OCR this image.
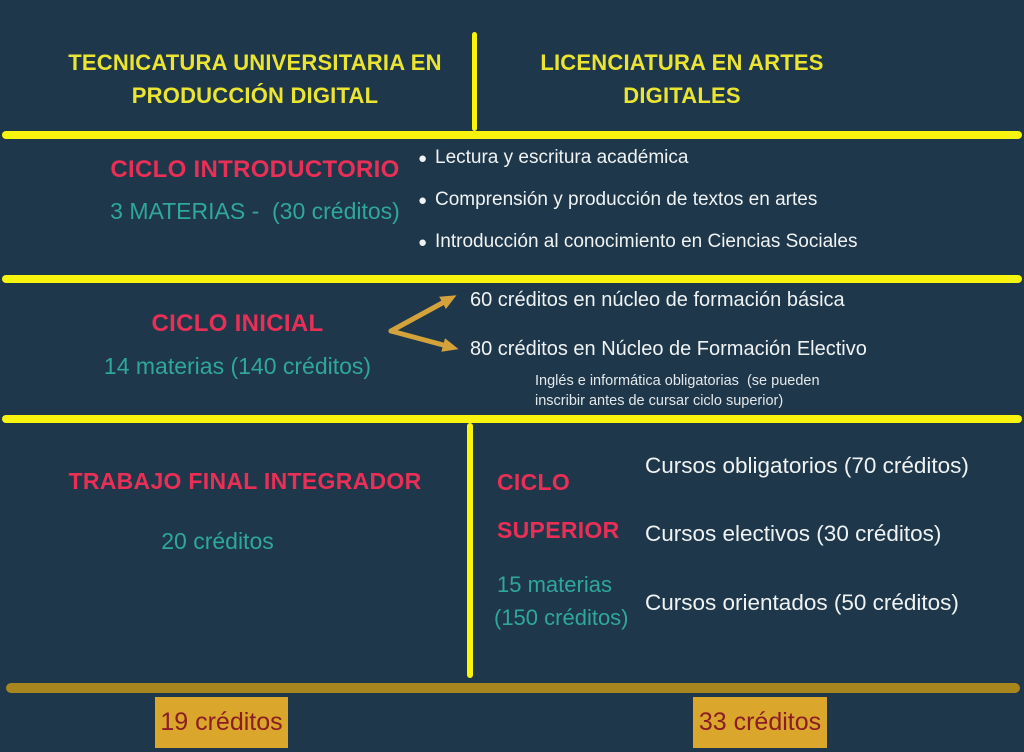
TECNICATURA UNIVERSITARIA EN
PRODUCCIÓN DIGITAL
LICENCIATURA EN ARTES
DIGITALES
CICLO INTRODUCTORIO
3 MATERIAS -  (30 créditos)
● Lectura y escritura académica
● Comprensión y producción de textos en artes
● Introducción al conocimiento en Ciencias Sociales
CICLO INICIAL
14 materias (140 créditos)
60 créditos en núcleo de formación básica
80 créditos en Núcleo de Formación Electivo
Inglés e informática obligatorias  (se pueden
inscribir antes de cursar ciclo superior)
TRABAJO FINAL INTEGRADOR
20 créditos
CICLO
SUPERIOR
15 materias
(150 créditos)
Cursos obligatorios (70 créditos)
Cursos electivos (30 créditos)
Cursos orientados (50 créditos)
19 créditos	33 créditos
